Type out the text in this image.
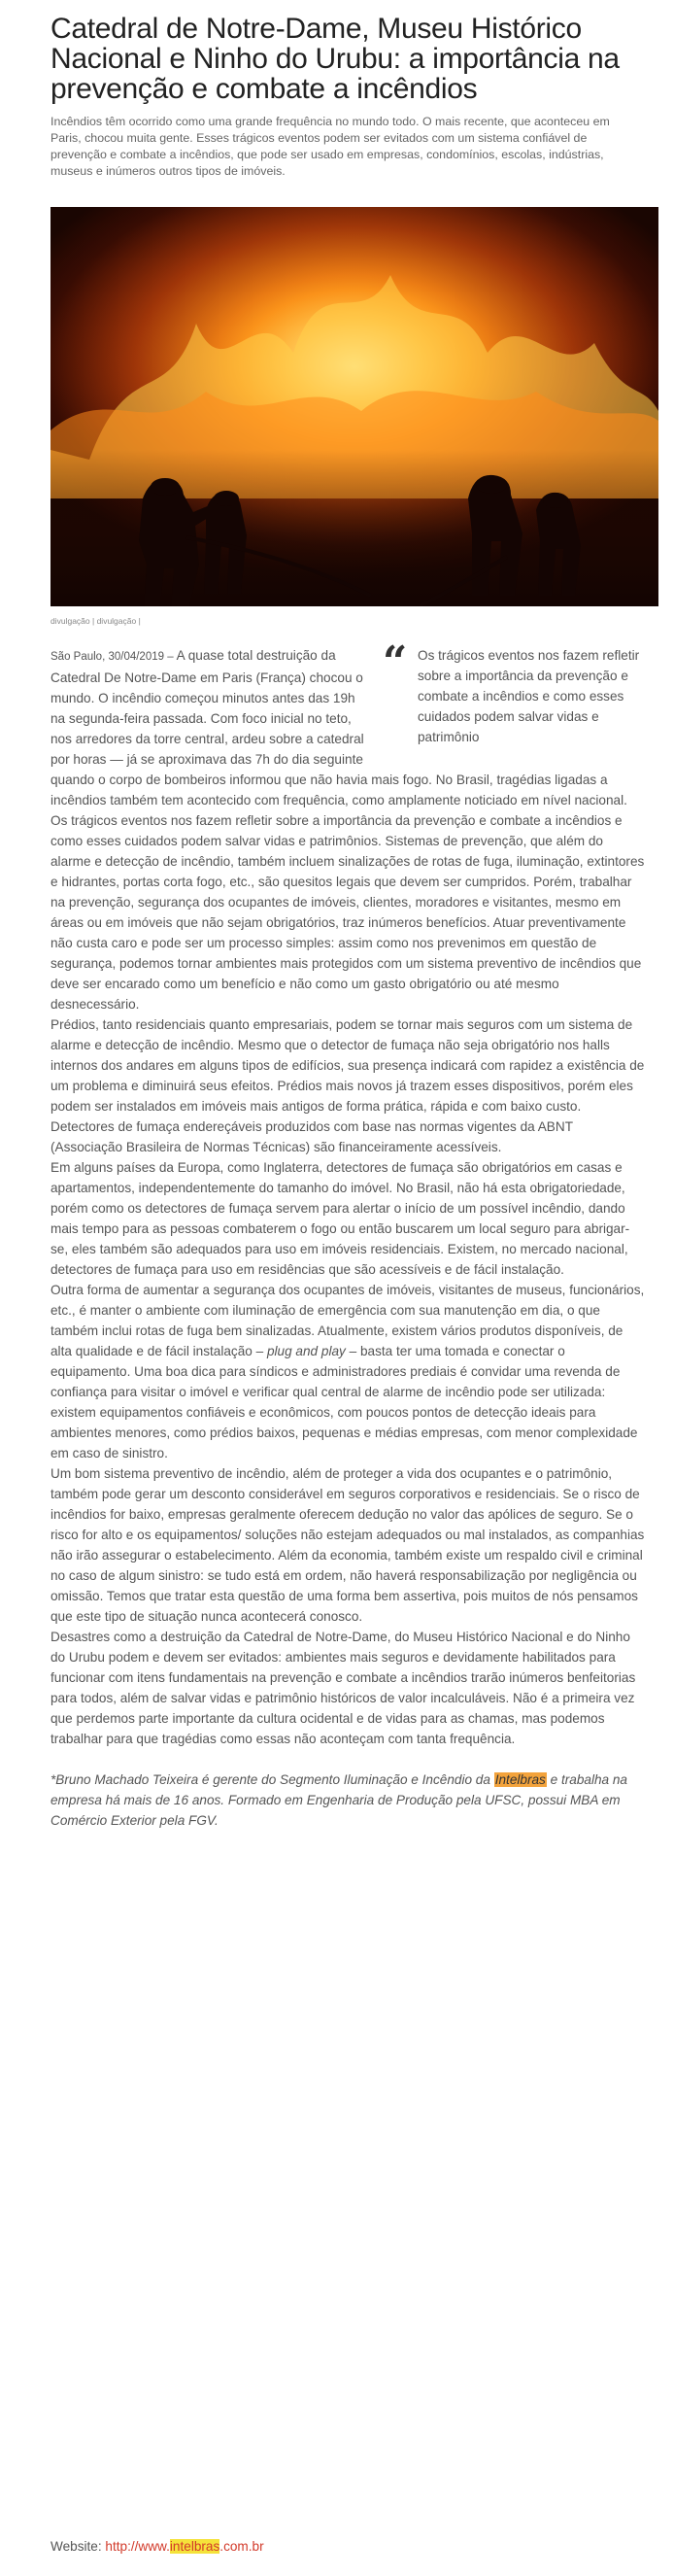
Catedral de Notre-Dame, Museu Histórico Nacional e Ninho do Urubu: a importância na prevenção e combate a incêndios

Incêndios têm ocorrido como uma grande frequência no mundo todo. O mais recente, que aconteceu em Paris, chocou muita gente. Esses trágicos eventos podem ser evitados com um sistema confiável de prevenção e combate a incêndios, que pode ser usado em empresas, condomínios, escolas, indústrias, museus e inúmeros outros tipos de imóveis.

divulgação | divulgação |
“ Os trágicos eventos nos fazem refletir sobre a importância da prevenção e combate a incêndios e como esses cuidados podem salvar vidas e patrimônio
São Paulo, 30/04/2019 – A quase total destruição da Catedral De Notre-Dame em Paris (França) chocou o mundo. O incêndio começou minutos antes das 19h na segunda-feira passada. Com foco inicial no teto, nos arredores da torre central, ardeu sobre a catedral por horas — já se aproximava das 7h do dia seguinte quando o corpo de bombeiros informou que não havia mais fogo. No Brasil, tragédias ligadas a incêndios também tem acontecido com frequência, como amplamente noticiado em nível nacional.

Os trágicos eventos nos fazem refletir sobre a importância da prevenção e combate a incêndios e como esses cuidados podem salvar vidas e patrimônios. Sistemas de prevenção, que além do alarme e detecção de incêndio, também incluem sinalizações de rotas de fuga, iluminação, extintores e hidrantes, portas corta fogo, etc., são quesitos legais que devem ser cumpridos. Porém, trabalhar na prevenção, segurança dos ocupantes de imóveis, clientes, moradores e visitantes, mesmo em áreas ou em imóveis que não sejam obrigatórios, traz inúmeros benefícios. Atuar preventivamente não custa caro e pode ser um processo simples: assim como nos prevenimos em questão de segurança, podemos tornar ambientes mais protegidos com um sistema preventivo de incêndios que deve ser encarado como um benefício e não como um gasto obrigatório ou até mesmo desnecessário.

Prédios, tanto residenciais quanto empresariais, podem se tornar mais seguros com um sistema de alarme e detecção de incêndio. Mesmo que o detector de fumaça não seja obrigatório nos halls internos dos andares em alguns tipos de edifícios, sua presença indicará com rapidez a existência de um problema e diminuirá seus efeitos. Prédios mais novos já trazem esses dispositivos, porém eles podem ser instalados em imóveis mais antigos de forma prática, rápida e com baixo custo. Detectores de fumaça endereçáveis produzidos com base nas normas vigentes da ABNT (Associação Brasileira de Normas Técnicas) são financeiramente acessíveis.

Em alguns países da Europa, como Inglaterra, detectores de fumaça são obrigatórios em casas e apartamentos, independentemente do tamanho do imóvel. No Brasil, não há esta obrigatoriedade, porém como os detectores de fumaça servem para alertar o início de um possível incêndio, dando mais tempo para as pessoas combaterem o fogo ou então buscarem um local seguro para abrigar-se, eles também são adequados para uso em imóveis residenciais. Existem, no mercado nacional, detectores de fumaça para uso em residências que são acessíveis e de fácil instalação.

Outra forma de aumentar a segurança dos ocupantes de imóveis, visitantes de museus, funcionários, etc., é manter o ambiente com iluminação de emergência com sua manutenção em dia, o que também inclui rotas de fuga bem sinalizadas. Atualmente, existem vários produtos disponíveis, de alta qualidade e de fácil instalação – plug and play – basta ter uma tomada e conectar o equipamento. Uma boa dica para síndicos e administradores prediais é convidar uma revenda de confiança para visitar o imóvel e verificar qual central de alarme de incêndio pode ser utilizada: existem equipamentos confiáveis e econômicos, com poucos pontos de detecção ideais para ambientes menores, como prédios baixos, pequenas e médias empresas, com menor complexidade em caso de sinistro.

Um bom sistema preventivo de incêndio, além de proteger a vida dos ocupantes e o patrimônio, também pode gerar um desconto considerável em seguros corporativos e residenciais. Se o risco de incêndios for baixo, empresas geralmente oferecem dedução no valor das apólices de seguro. Se o risco for alto e os equipamentos/ soluções não estejam adequados ou mal instalados, as companhias não irão assegurar o estabelecimento. Além da economia, também existe um respaldo civil e criminal no caso de algum sinistro: se tudo está em ordem, não haverá responsabilização por negligência ou omissão. Temos que tratar esta questão de uma forma bem assertiva, pois muitos de nós pensamos que este tipo de situação nunca acontecerá conosco.

Desastres como a destruição da Catedral de Notre-Dame, do Museu Histórico Nacional e do Ninho do Urubu podem e devem ser evitados: ambientes mais seguros e devidamente habilitados para funcionar com itens fundamentais na prevenção e combate a incêndios trarão inúmeros benfeitorias para todos, além de salvar vidas e patrimônio históricos de valor incalculáveis. Não é a primeira vez que perdemos parte importante da cultura ocidental e de vidas para as chamas, mas podemos trabalhar para que tragédias como essas não aconteçam com tanta frequência.

*Bruno Machado Teixeira é gerente do Segmento Iluminação e Incêndio da Intelbras e trabalha na empresa há mais de 16 anos. Formado em Engenharia de Produção pela UFSC, possui MBA em Comércio Exterior pela FGV.

Website: http://www.intelbras.com.br
